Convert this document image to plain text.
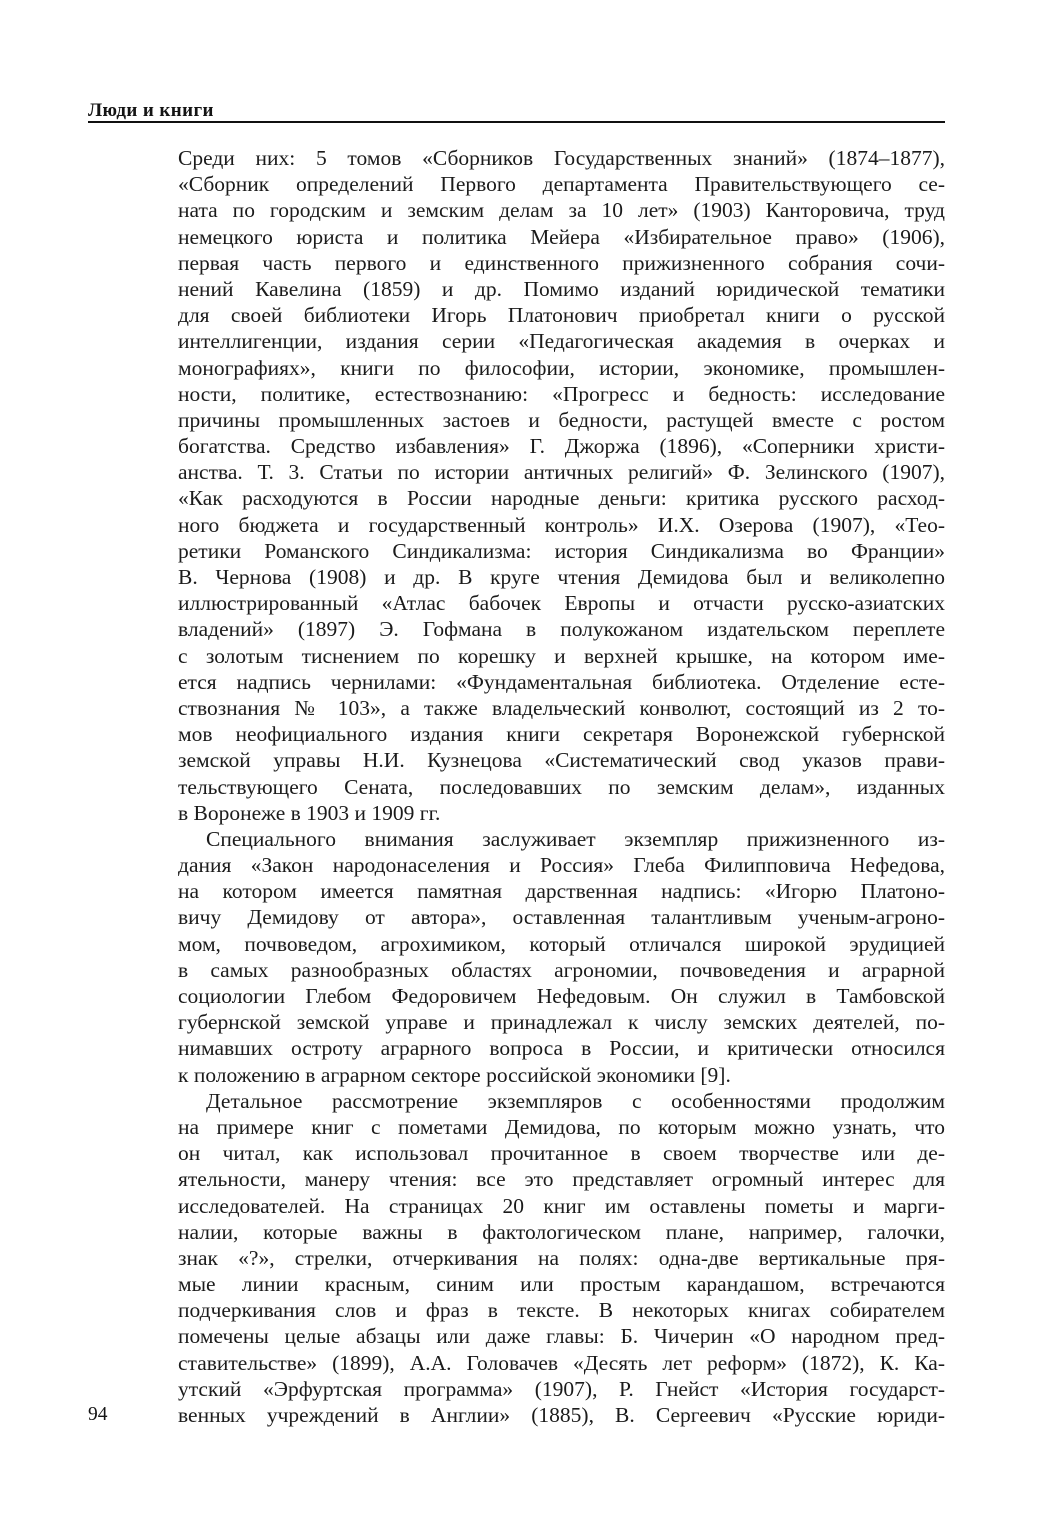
Люди и книги
Среди них: 5 томов «Сборников Государственных знаний» (1874–1877),
«Сборник определений Первого департамента Правительствующего се-
ната по городским и земским делам за 10 лет» (1903) Канторовича, труд
немецкого юриста и политика Мейера «Избирательное право» (1906),
первая часть первого и единственного прижизненного собрания сочи-
нений Кавелина (1859) и др. Помимо изданий юридической тематики
для своей библиотеки Игорь Платонович приобретал книги о русской
интеллигенции, издания серии «Педагогическая академия в очерках и
монографиях», книги по философии, истории, экономике, промышлен-
ности, политике, естествознанию: «Прогресс и бедность: исследование
причины промышленных застоев и бедности, растущей вместе с ростом
богатства. Средство избавления» Г. Джоржа (1896), «Соперники христи-
анства. Т. 3. Статьи по истории античных религий» Ф. Зелинского (1907),
«Как расходуются в России народные деньги: критика русского расход-
ного бюджета и государственный контроль» И.Х. Озерова (1907), «Тео-
ретики Романского Синдикализма: история Синдикализма во Франции»
В. Чернова (1908) и др. В круге чтения Демидова был и великолепно
иллюстрированный «Атлас бабочек Европы и отчасти русско-азиатских
владений» (1897) Э. Гофмана в полукожаном издательском переплете
с золотым тиснением по корешку и верхней крышке, на котором име-
ется надпись чернилами: «Фундаментальная библиотека. Отделение есте-
ствознания № 103», а также владельческий конволют, состоящий из 2 то-
мов неофициального издания книги секретаря Воронежской губернской
земской управы Н.И. Кузнецова «Систематический свод указов прави-
тельствующего Сената, последовавших по земским делам», изданных
в Воронеже в 1903 и 1909 гг.
Специального внимания заслуживает экземпляр прижизненного из-
дания «Закон народонаселения и Россия» Глеба Филипповича Нефедова,
на котором имеется памятная дарственная надпись: «Игорю Платоно-
вичу Демидову от автора», оставленная талантливым ученым-агроно-
мом, почвоведом, агрохимиком, который отличался широкой эрудицией
в самых разнообразных областях агрономии, почвоведения и аграрной
социологии Глебом Федоровичем Нефедовым. Он служил в Тамбовской
губернской земской управе и принадлежал к числу земских деятелей, по-
нимавших остроту аграрного вопроса в России, и критически относился
к положению в аграрном секторе российской экономики [9].
Детальное рассмотрение экземпляров с особенностями продолжим
на примере книг с пометами Демидова, по которым можно узнать, что
он читал, как использовал прочитанное в своем творчестве или де-
ятельности, манеру чтения: все это представляет огромный интерес для
исследователей. На страницах 20 книг им оставлены пометы и марги-
налии, которые важны в фактологическом плане, например, галочки,
знак «?», стрелки, отчеркивания на полях: одна-две вертикальные пря-
мые линии красным, синим или простым карандашом, встречаются
подчеркивания слов и фраз в тексте. В некоторых книгах собирателем
помечены целые абзацы или даже главы: Б. Чичерин «О народном пред-
ставительстве» (1899), А.А. Головачев «Десять лет реформ» (1872), К. Ка-
утский «Эрфуртская программа» (1907), Р. Гнейст «История государст-
венных учреждений в Англии» (1885), В. Сергеевич «Русские юриди-
94
